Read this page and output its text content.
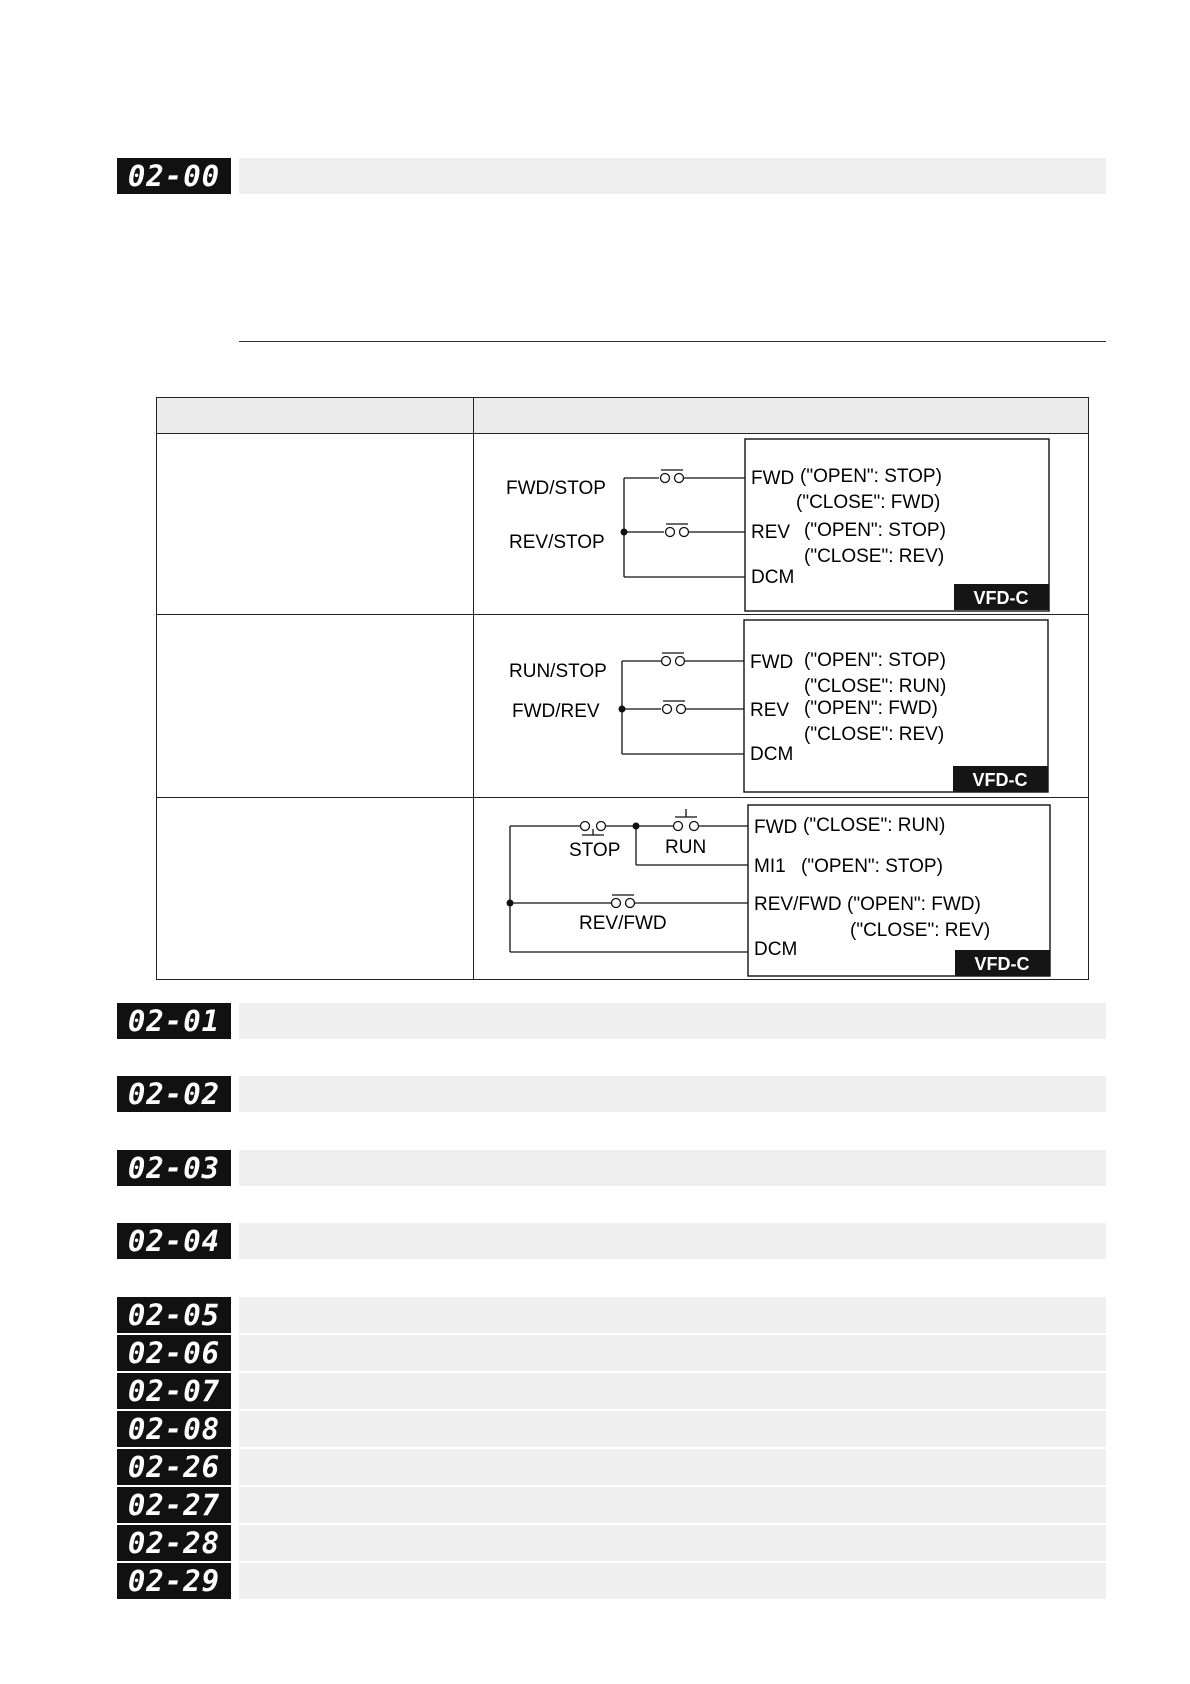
02-00
FWD/STOP
REV/STOP
FWD ("OPEN": STOP)
("CLOSE": FWD)
REV ("OPEN": STOP)
("CLOSE": REV)
DCM
VFD-C
RUN/STOP
FWD/REV
FWD ("OPEN": STOP)
("CLOSE": RUN)
REV ("OPEN": FWD)
("CLOSE": REV)
DCM
VFD-C
STOP RUN
REV/FWD
FWD ("CLOSE": RUN)
MI1 ("OPEN": STOP)
REV/FWD ("OPEN": FWD)
("CLOSE": REV)
DCM
VFD-C
02-01
02-02
02-03
02-04
02-05
02-06
02-07
02-08
02-26
02-27
02-28
02-29
